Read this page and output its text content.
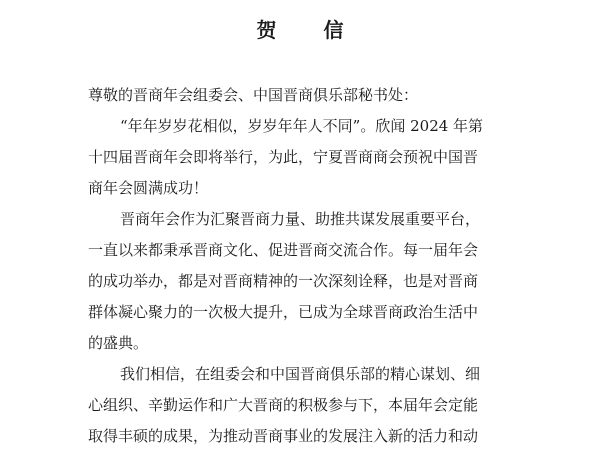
贺 信
尊敬的晋商年会组委会、中国晋商俱乐部秘书处：
“年年岁岁花相似，岁岁年年人不同”。欣闻 2024 年第
十四届晋商年会即将举行，为此，宁夏晋商商会预祝中国晋
商年会圆满成功！
晋商年会作为汇聚晋商力量、助推共谋发展重要平台，
一直以来都秉承晋商文化、促进晋商交流合作。每一届年会
的成功举办，都是对晋商精神的一次深刻诠释，也是对晋商
群体凝心聚力的一次极大提升，已成为全球晋商政治生活中
的盛典。
我们相信，在组委会和中国晋商俱乐部的精心谋划、细
心组织、辛勤运作和广大晋商的积极参与下，本届年会定能
取得丰硕的成果，为推动晋商事业的发展注入新的活力和动
